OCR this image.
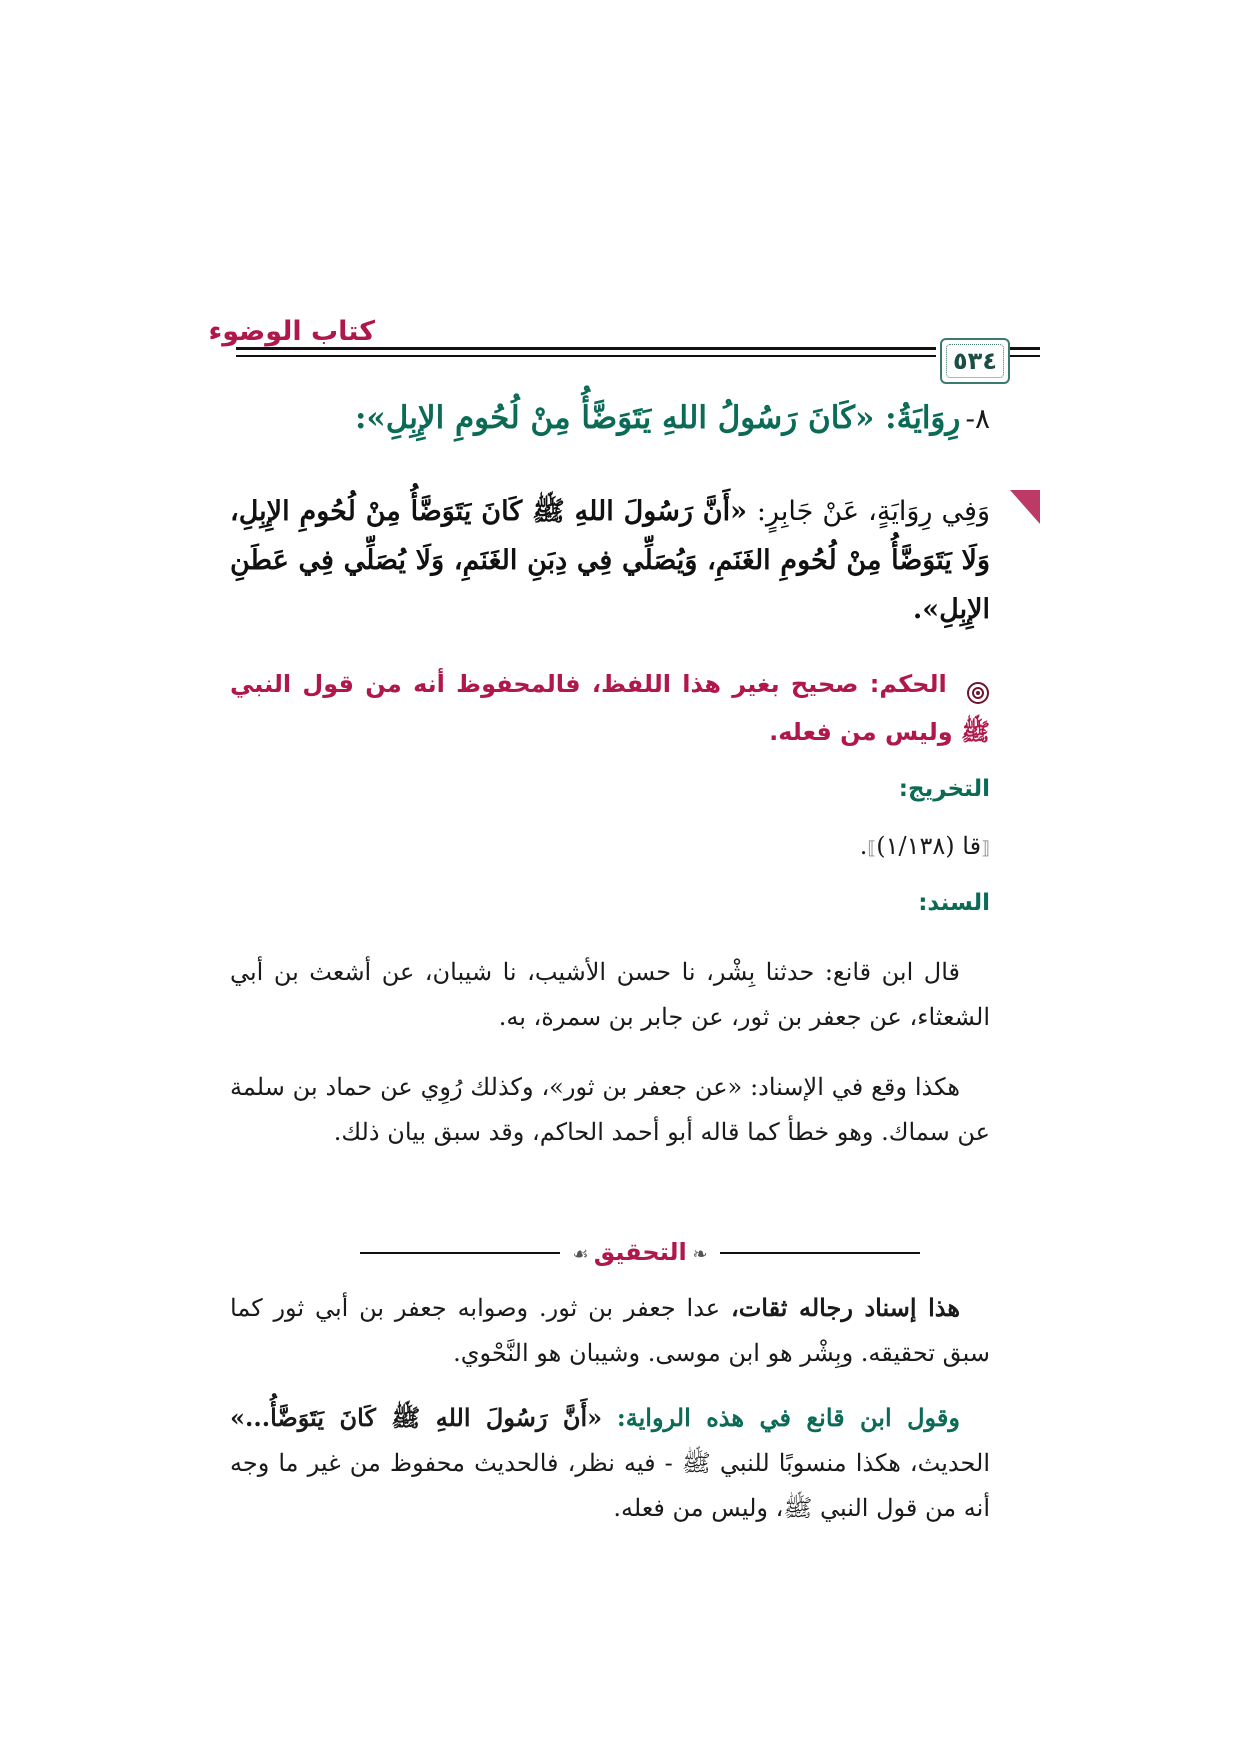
كتاب الوضوء
٥٣٤
٨- رِوَايَةُ: «كَانَ رَسُولُ اللهِ يَتَوَضَّأُ مِنْ لُحُومِ الإِبِلِ»:
وَفِي رِوَايَةٍ، عَنْ جَابِرٍ: «أَنَّ رَسُولَ اللهِ ﷺ كَانَ يَتَوَضَّأُ مِنْ لُحُومِ الإِبِلِ، وَلَا يَتَوَضَّأُ مِنْ لُحُومِ الغَنَمِ، وَيُصَلِّي فِي دِبَنِ الغَنَمِ، وَلَا يُصَلِّي فِي عَطَنِ الإِبِلِ».
الحكم: صحيح بغير هذا اللفظ، فالمحفوظ أنه من قول النبي ﷺ وليس من فعله.
التخريج:
⟦قا (١/١٣٨)⟧.
السند:
قال ابن قانع: حدثنا بِشْر، نا حسن الأشيب، نا شيبان، عن أشعث بن أبي الشعثاء، عن جعفر بن ثور، عن جابر بن سمرة، به.
هكذا وقع في الإسناد: «عن جعفر بن ثور»، وكذلك رُوِي عن حماد بن سلمة عن سماك. وهو خطأ كما قاله أبو أحمد الحاكم، وقد سبق بيان ذلك.
❧ التحقيق ☙
هذا إسناد رجاله ثقات، عدا جعفر بن ثور. وصوابه جعفر بن أبي ثور كما سبق تحقيقه. وبِشْر هو ابن موسى. وشيبان هو النَّحْوي.
وقول ابن قانع في هذه الرواية: «أَنَّ رَسُولَ اللهِ ﷺ كَانَ يَتَوَضَّأُ...» الحديث، هكذا منسوبًا للنبي ﷺ - فيه نظر، فالحديث محفوظ من غير ما وجه أنه من قول النبي ﷺ، وليس من فعله.
